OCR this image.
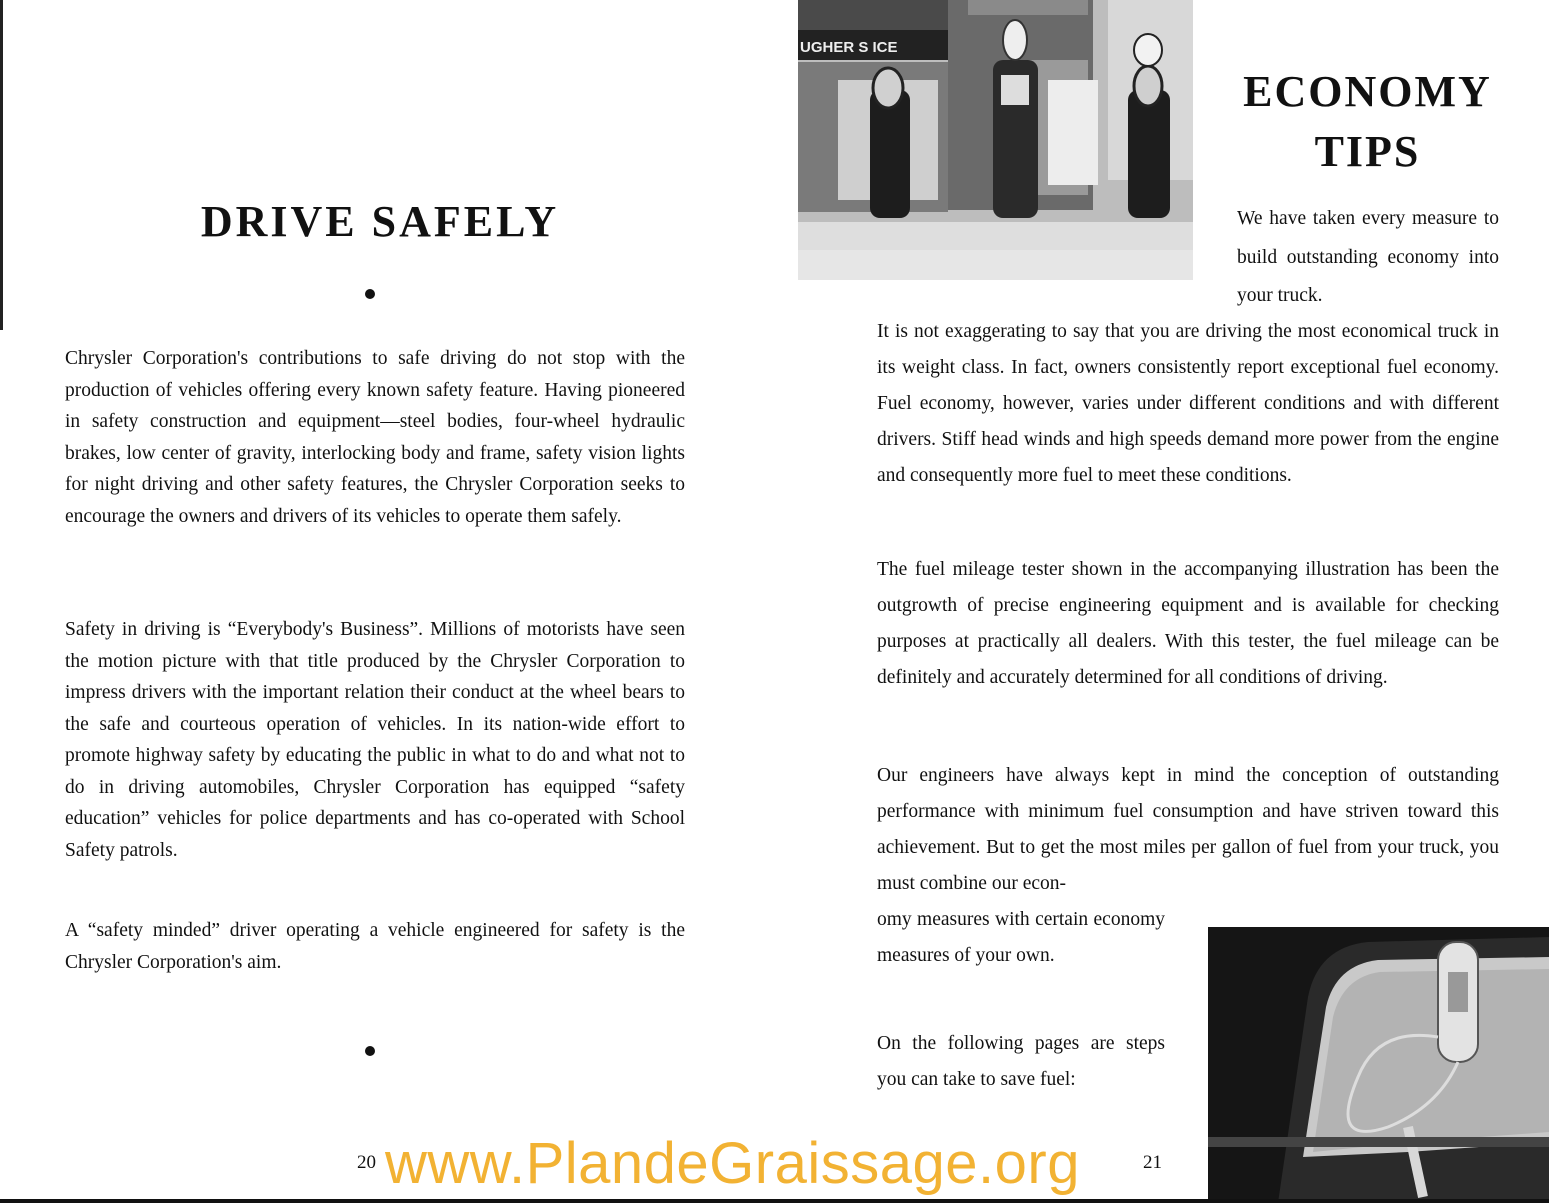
DRIVE SAFELY

Chrysler Corporation's contributions to safe driving do not stop with the production of vehicles offering every known safety feature. Having pioneered in safety construction and equipment—steel bodies, four-wheel hydraulic brakes, low center of gravity, interlocking body and frame, safety vision lights for night driving and other safety features, the Chrysler Corporation seeks to encourage the owners and drivers of its vehicles to operate them safely.

Safety in driving is “Everybody's Business”. Millions of motorists have seen the motion picture with that title produced by the Chrysler Corporation to impress drivers with the important relation their conduct at the wheel bears to the safe and courteous operation of vehicles. In its nation-wide effort to promote highway safety by educating the public in what to do and what not to do in driving automobiles, Chrysler Corporation has equipped “safety education” vehicles for police departments and has co-operated with School Safety patrols.

A “safety minded” driver operating a vehicle engineered for safety is the Chrysler Corporation's aim.

20
UGHER S ICE
ECONOMY
TIPS

We have taken every measure to build outstanding economy into your truck.

It is not exaggerating to say that you are driving the most economical truck in its weight class. In fact, owners consistently report exceptional fuel economy. Fuel economy, however, varies under different conditions and with different drivers. Stiff head winds and high speeds demand more power from the engine and consequently more fuel to meet these conditions.

The fuel mileage tester shown in the accompanying illustration has been the outgrowth of precise engineering equipment and is available for checking purposes at practically all dealers. With this tester, the fuel mileage can be definitely and accurately determined for all conditions of driving.

Our engineers have always kept in mind the conception of outstanding performance with minimum fuel consumption and have striven toward this achievement. But to get the most miles per gallon of fuel from your truck, you must combine our econ-

omy measures with certain economy measures of your own.

On the following pages are steps you can take to save fuel:

21
www.PlandeGraissage.org
